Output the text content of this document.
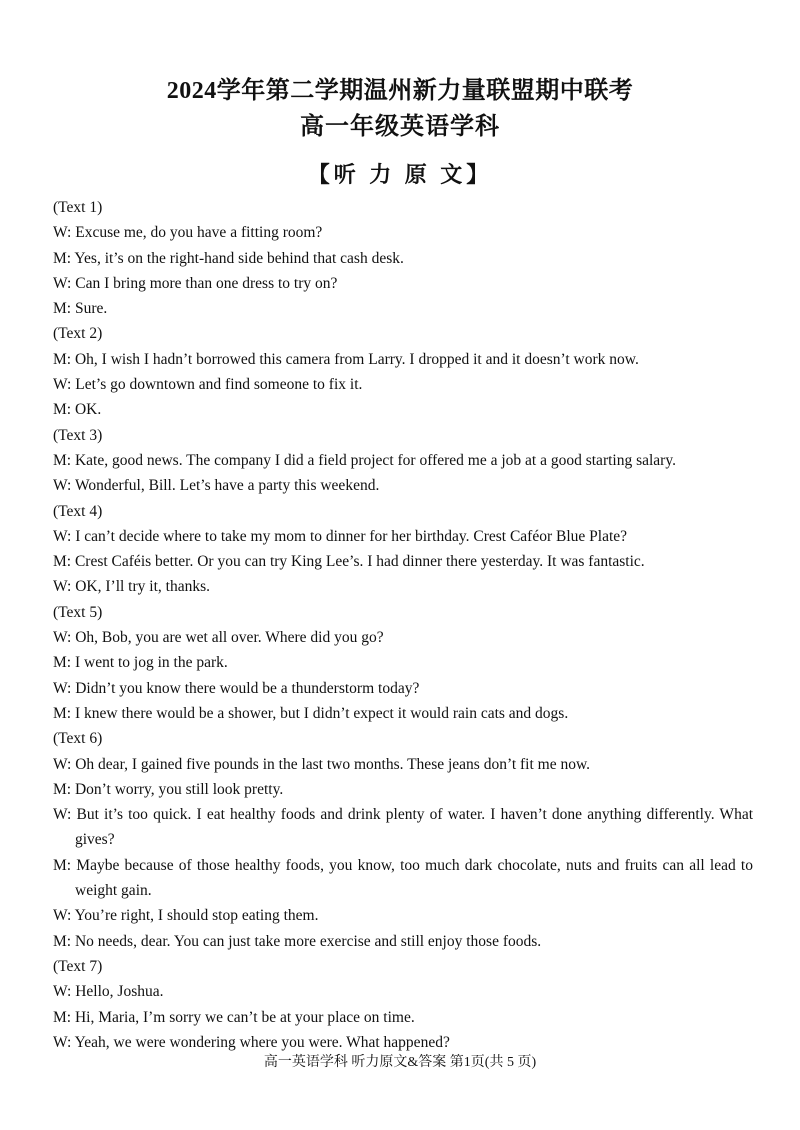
2024学年第二学期温州新力量联盟期中联考
高一年级英语学科
【听 力 原 文】
(Text 1)
W: Excuse me, do you have a fitting room?
M: Yes, it’s on the right-hand side behind that cash desk.
W: Can I bring more than one dress to try on?
M: Sure.
(Text 2)
M: Oh, I wish I hadn’t borrowed this camera from Larry. I dropped it and it doesn’t work now.
W: Let’s go downtown and find someone to fix it.
M: OK.
(Text 3)
M: Kate, good news. The company I did a field project for offered me a job at a good starting salary.
W: Wonderful, Bill. Let’s have a party this weekend.
(Text 4)
W: I can’t decide where to take my mom to dinner for her birthday. Crest Caféor Blue Plate?
M: Crest Caféis better. Or you can try King Lee’s. I had dinner there yesterday. It was fantastic.
W: OK, I’ll try it, thanks.
(Text 5)
W: Oh, Bob, you are wet all over. Where did you go?
M: I went to jog in the park.
W: Didn’t you know there would be a thunderstorm today?
M: I knew there would be a shower, but I didn’t expect it would rain cats and dogs.
(Text 6)
W: Oh dear, I gained five pounds in the last two months. These jeans don’t fit me now.
M: Don’t worry, you still look pretty.
W: But it’s too quick. I eat healthy foods and drink plenty of water. I haven’t done anything differently. What gives?
M: Maybe because of those healthy foods, you know, too much dark chocolate, nuts and fruits can all lead to weight gain.
W: You’re right, I should stop eating them.
M: No needs, dear. You can just take more exercise and still enjoy those foods.
(Text 7)
W: Hello, Joshua.
M: Hi, Maria, I’m sorry we can’t be at your place on time.
W: Yeah, we were wondering where you were. What happened?
高一英语学科 听力原文&答案 第1页(共 5 页)
